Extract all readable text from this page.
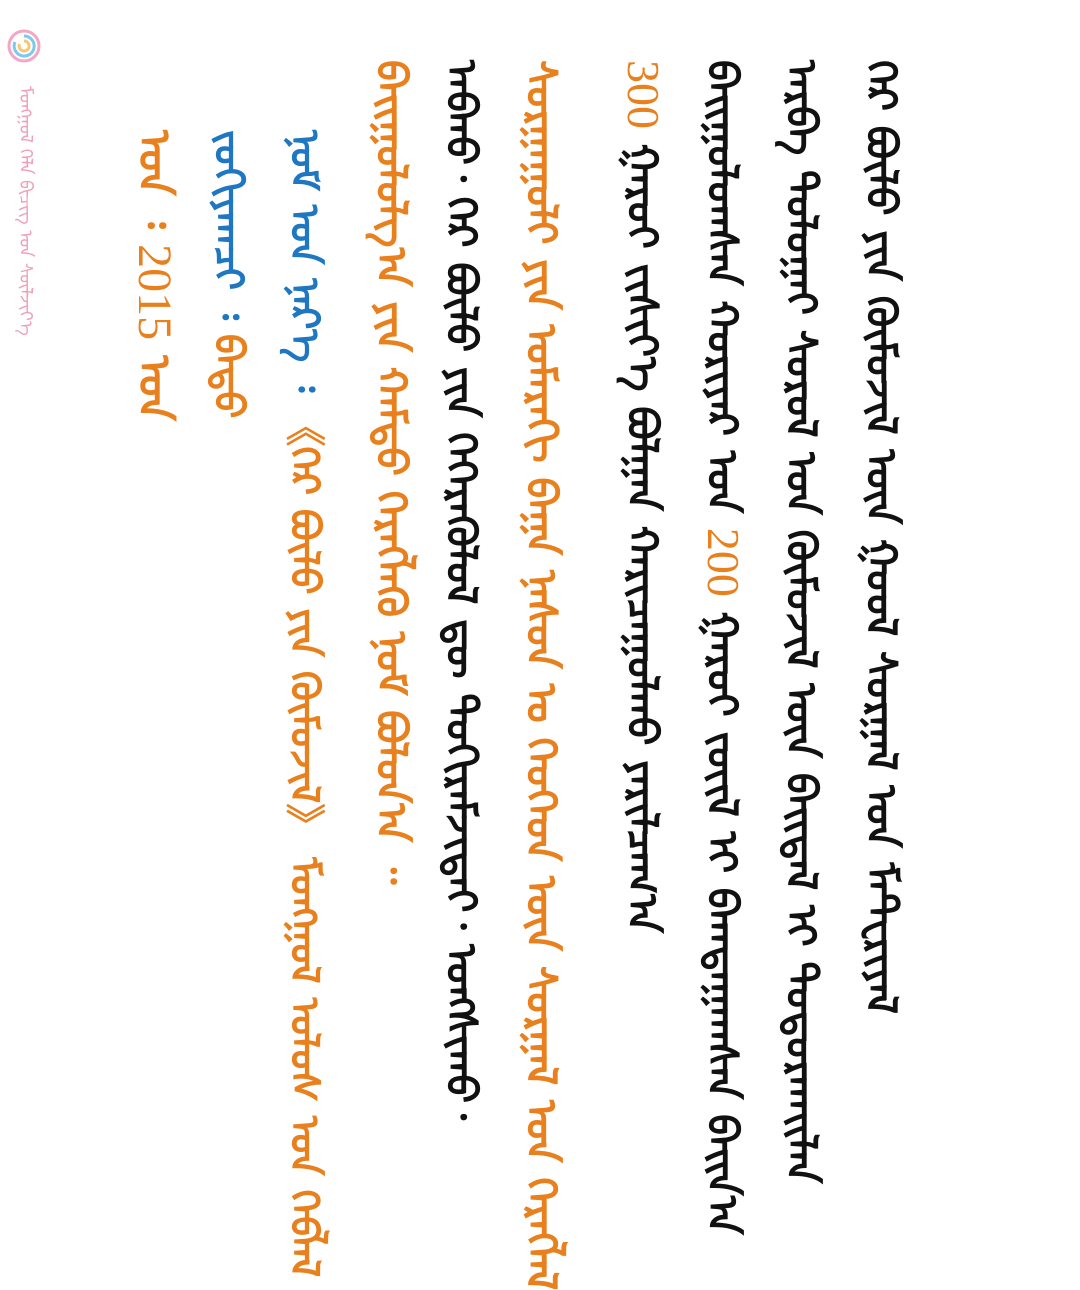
ᠮᠣᠩᠭᠣᠯ ᠬᠡᠯᠡ ᠪᠢᠴᠢᠭ ᠤᠨ ᠰᠦᠯᠵᠢᠶ᠎ᠡ ᠣᠨ ᠄ 2015 ᠣᠨ
ᠵᠣᠬᠢᠶᠠᠭᠴᠢ ᠄ ᠪᠠᠲᠤ ᠨᠣᠮ ᠤᠨ ᠨᠡᠷ᠎ᠡ ᠄ 《ᠭᠡᠷ ᠪᠦᠯᠦ ᠶᠢᠨ ᠬᠥᠮᠦᠵᠢᠯ》 ᠮᠣᠩᠭᠣᠯ ᠤᠯᠤᠰ ᠤᠨ ᠬᠡᠪᠯᠡᠯ ᠪᠠᠢᠭᠤᠯᠤᠯᠭ᠎ᠠ ᠶᠢᠨ ᠬᠠᠮᠲᠤ ᠬᠡᠷᠡᠭᠯᠡᠬᠦ ᠨᠣᠮ ᠪᠣᠯᠤᠨ᠎ᠠ ᠃ ᠠᠪᠬᠤ᠂ ᠭᠡᠷ ᠪᠦᠯᠦ ᠶᠢᠨ ᠭᠡᠭᠡᠷᠡᠭᠦᠯᠦᠯ ᠳᠦ ᠲᠣᠬᠢᠷᠠᠮᠵᠢᠲᠠᠢ᠂ ᠤᠩᠰᠢᠬᠤ᠂ ᠰᠣᠷᠭᠠᠭᠤᠯᠢ ᠶᠢᠨ ᠤᠮᠠᠷᠠᠬᠢ ᠪᠠᠭᠠ ᠨᠠᠰᠤᠨ ᠤ ᠬᠡᠦᠬᠡᠳ ᠦᠨ ᠰᠤᠷᠭᠠᠯ ᠤᠨ ᠬᠡᠷᠡᠭᠯᠡᠯ 300 ᠭᠠᠷᠤᠢ ᠵᠢᠱᠢᠶ᠎ᠡ ᠪᠣᠯᠭᠠᠨ ᠬᠠᠷᠢᠴᠠᠭᠤᠯᠬᠤ ᠶᠠᠷᠢᠯᠴᠠᠭ᠎ᠠ ᠪᠠᠢᠭᠤᠯᠤᠭᠰᠠᠨ ᠬᠣᠷᠢᠶᠠᠷ ᠤᠨ 200 ᠭᠠᠷᠤᠢ ᠵᠦᠢᠯ ᠢ ᠪᠠᠭᠲᠠᠭᠠᠭᠰᠠᠨ ᠪᠠᠢᠨ᠎ᠠ ᠠᠷᠪᠠ ᠲᠣᠯᠣᠭᠠᠢ ᠰᠣᠷᠣᠯ ᠤᠨ ᠬᠦᠮᠦᠵᠢᠯ ᠦᠨ ᠪᠠᠢᠳᠠᠯ ᠢ ᠲᠣᠳᠣᠷᠬᠠᠢᠯᠠᠨ ᠭᠡᠷ ᠪᠦᠯᠦ ᠶᠢᠨ ᠬᠥᠮᠦᠵᠢᠯ ᠦᠨ ᠭᠣᠣᠯ ᠰᠤᠷᠭᠠᠯ ᠤᠨ ᠮᠠᠲ᠋ᠧᠷᠢᠶᠠᠯ
